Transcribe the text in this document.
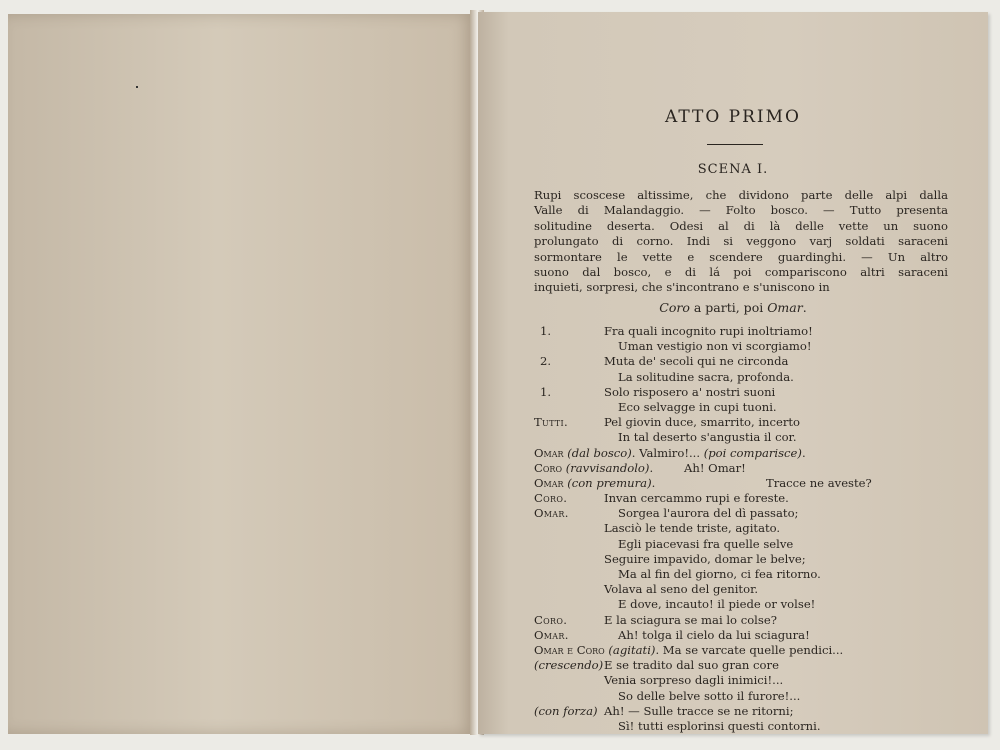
ATTO PRIMO
SCENA I.
Rupi scoscese altissime, che dividono parte delle alpi dalla
Valle di Malandaggio. — Folto bosco. — Tutto presenta
solitudine deserta. Odesi al di là delle vette un suono
prolungato di corno. Indi si veggono varj soldati saraceni
sormontare le vette e scendere guardinghi. — Un altro
suono dal bosco, e di lá poi compariscono altri saraceni
inquieti, sorpresi, che s'incontrano e s'uniscono in
Coro a parti, poi Omar.
1.	Fra quali incognito rupi inoltriamo!
Uman vestigio non vi scorgiamo!
2.	Muta de' secoli qui ne circonda
La solitudine sacra, profonda.
1.	Solo risposero a' nostri suoni
Eco selvagge in cupi tuoni.
Tutti.	Pel giovin duce, smarrito, incerto
In tal deserto s'angustia il cor.
Omar (dal bosco). Valmiro!... (poi comparisce).
Coro (ravvisandolo).	Ah! Omar!
Omar (con premura).	Tracce ne aveste?
Coro.	Invan cercammo rupi e foreste.
Omar.	Sorgea l'aurora del dì passato;
Lasciò le tende triste, agitato.
Egli piacevasi fra quelle selve
Seguire impavido, domar le belve;
Ma al fin del giorno, ci fea ritorno.
Volava al seno del genitor.
E dove, incauto! il piede or volse!
Coro.	E la sciagura se mai lo colse?
Omar.	Ah! tolga il cielo da lui sciagura!
Omar e Coro (agitati). Ma se varcate quelle pendici...
(crescendo) E se tradito dal suo gran core
Venia sorpreso dagli inimici!...
So delle belve sotto il furore!...
(con forza) Ah! — Sulle tracce se ne ritorni;
Sì! tutti esplorinsi questi contorni.
